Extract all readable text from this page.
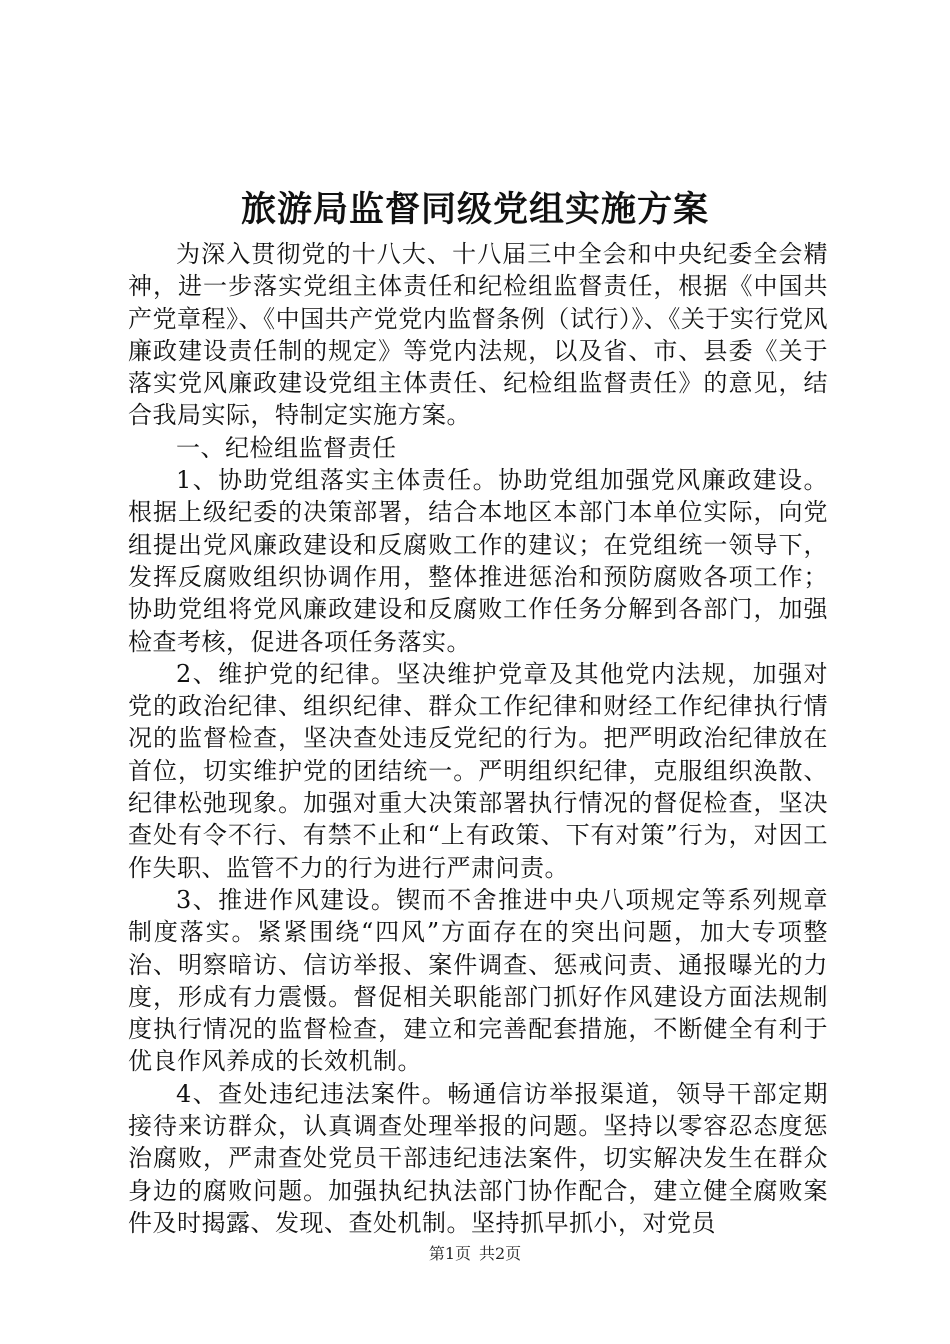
旅游局监督同级党组实施方案

为深入贯彻党的十八大、十八届三中全会和中央纪委全会精神，进一步落实党组主体责任和纪检组监督责任，根据《中国共产党章程》、《中国共产党党内监督条例（试行）》、《关于实行党风廉政建设责任制的规定》等党内法规，以及省、市、县委《关于落实党风廉政建设党组主体责任、纪检组监督责任》的意见，结合我局实际，特制定实施方案。

一、纪检组监督责任

1、协助党组落实主体责任。协助党组加强党风廉政建设。根据上级纪委的决策部署，结合本地区本部门本单位实际，向党组提出党风廉政建设和反腐败工作的建议；在党组统一领导下，发挥反腐败组织协调作用，整体推进惩治和预防腐败各项工作；协助党组将党风廉政建设和反腐败工作任务分解到各部门，加强检查考核，促进各项任务落实。

2、维护党的纪律。坚决维护党章及其他党内法规，加强对党的政治纪律、组织纪律、群众工作纪律和财经工作纪律执行情况的监督检查，坚决查处违反党纪的行为。把严明政治纪律放在首位，切实维护党的团结统一。严明组织纪律，克服组织涣散、纪律松弛现象。加强对重大决策部署执行情况的督促检查，坚决查处有令不行、有禁不止和“上有政策、下有对策”行为，对因工作失职、监管不力的行为进行严肃问责。

3、推进作风建设。锲而不舍推进中央八项规定等系列规章制度落实。紧紧围绕“四风”方面存在的突出问题，加大专项整治、明察暗访、信访举报、案件调查、惩戒问责、通报曝光的力度，形成有力震慑。督促相关职能部门抓好作风建设方面法规制度执行情况的监督检查，建立和完善配套措施，不断健全有利于优良作风养成的长效机制。

4、查处违纪违法案件。畅通信访举报渠道，领导干部定期接待来访群众，认真调查处理举报的问题。坚持以零容忍态度惩治腐败，严肃查处党员干部违纪违法案件，切实解决发生在群众身边的腐败问题。加强执纪执法部门协作配合，建立健全腐败案件及时揭露、发现、查处机制。坚持抓早抓小，对党员

第1页 共2页
